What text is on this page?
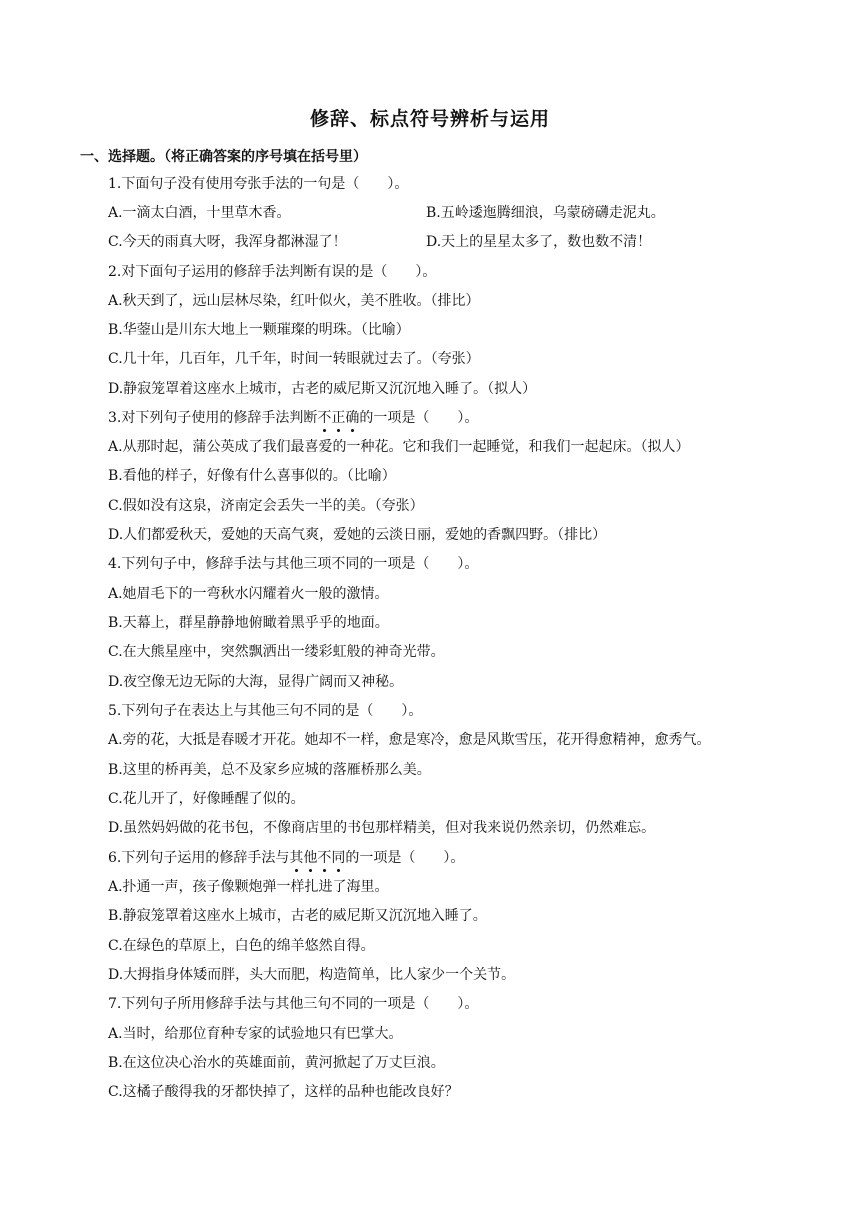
修辞、标点符号辨析与运用
一、选择题。（将正确答案的序号填在括号里）
1.下面句子没有使用夸张手法的一句是（　　）。
A.一滴太白酒，十里草木香。	B.五岭逶迤腾细浪，乌蒙磅礴走泥丸。
C.今天的雨真大呀，我浑身都淋湿了！	D.天上的星星太多了，数也数不清！
2.对下面句子运用的修辞手法判断有误的是（　　）。
A.秋天到了，远山层林尽染，红叶似火，美不胜收。（排比）
B.华蓥山是川东大地上一颗璀璨的明珠。（比喻）
C.几十年，几百年，几千年，时间一转眼就过去了。（夸张）
D.静寂笼罩着这座水上城市，古老的威尼斯又沉沉地入睡了。（拟人）
3.对下列句子使用的修辞手法判断不正确的一项是（　　）。
A.从那时起，蒲公英成了我们最喜爱的一种花。它和我们一起睡觉，和我们一起起床。（拟人）
B.看他的样子，好像有什么喜事似的。（比喻）
C.假如没有这泉，济南定会丢失一半的美。（夸张）
D.人们都爱秋天，爱她的天高气爽，爱她的云淡日丽，爱她的香飘四野。（排比）
4.下列句子中，修辞手法与其他三项不同的一项是（　　）。
A.她眉毛下的一弯秋水闪耀着火一般的激情。
B.天幕上，群星静静地俯瞰着黑乎乎的地面。
C.在大熊星座中，突然飘洒出一缕彩虹般的神奇光带。
D.夜空像无边无际的大海，显得广阔而又神秘。
5.下列句子在表达上与其他三句不同的是（　　）。
A.旁的花，大抵是春暖才开花。她却不一样，愈是寒冷，愈是风欺雪压，花开得愈精神，愈秀气。
B.这里的桥再美，总不及家乡应城的落雁桥那么美。
C.花儿开了，好像睡醒了似的。
D.虽然妈妈做的花书包，不像商店里的书包那样精美，但对我来说仍然亲切，仍然难忘。
6.下列句子运用的修辞手法与其他不同的一项是（　　）。
A.扑通一声，孩子像颗炮弹一样扎进了海里。
B.静寂笼罩着这座水上城市，古老的威尼斯又沉沉地入睡了。
C.在绿色的草原上，白色的绵羊悠然自得。
D.大拇指身体矮而胖，头大而肥，构造简单，比人家少一个关节。
7.下列句子所用修辞手法与其他三句不同的一项是（　　）。
A.当时，给那位育种专家的试验地只有巴掌大。
B.在这位决心治水的英雄面前，黄河掀起了万丈巨浪。
C.这橘子酸得我的牙都快掉了，这样的品种也能改良好？
